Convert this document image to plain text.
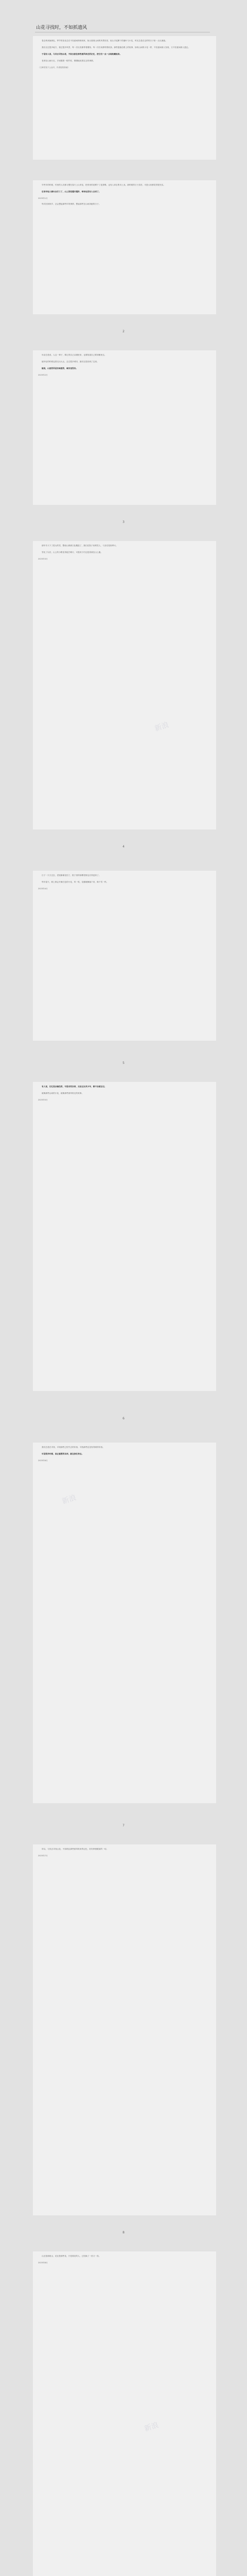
山花寻找时，不如抓遗风

春去秋来换颜色，季节的变化总在不经意间悄悄到来，抬头看看山间的风景依旧，低头寻觅脚下的落叶与小花，时光总是在这样的日子里一点点流逝。

我们走过很多地方，看过很多风景，每一次出发都带着期待，每一次归来都带着收获。那些遗落在路上的故事，如同山间的小花一样，不经意间被人发现，又不经意间被人遗忘。

于是有人说，与其去寻找山花，不如去抓住那些被风吹走的记忆，把它们一点一点地收藏起来。

老者在山间行走，手里握着一根竹杖，慢慢地说着过去的事情。

（文章首发于公众号，作者授权转载）

早些年的时候，村里的人们都习惯在春天上山采花，把采来的花晒干了泡茶喝，也有人拿去集市上卖。那时候的日子清苦，可是大家都觉得很充实。

后来年轻人都出去打工了，山上的花越开越多，却再也没有人去采了。

2023年1月

每次回到家乡，总会想起那些年的事情，想起那些在山间奔跑的日子。

2

母亲总是说，人这一辈子，要记得自己从哪里来，也要知道自己要到哪里去。

她年轻的时候也曾走出大山，去过很多城市，最后还是回到了这里。

她说，山里的风是有味道的，城市里没有。

2023年2月

3

那年冬天下了很大的雪，整座山都被白色覆盖了，我们在院子里堆雪人，父亲在屋里烤火。

雪化了以后，山上的小路变得泥泞难行，可是孩子们还是喜欢往山上跑。

2023年3月

4

日子一天天过去，老屋渐渐变旧了，院子里的那棵老树也长得更高了。

每年春天，树上都会开满白色的小花，风一吹，花瓣就飘落下来，像下雪一样。

2023年4月

5

有人说，记忆是会褪色的，可是有些东西，无论过去多少年，都不会被忘记。

就像那些山间的小花，就像那些被风吹走的故事。

2023年5月

6

我们总是在寻找，寻找那些已经失去的东西，寻找那些还没有得到的东西。

可是很多时候，真正重要的东西，就在我们身边。

2023年6月

7

所以，与其去寻找山花，不如抓住那些被风吹来的记忆，好好珍惜眼前的一切。

2023年7月

8

山还是那座山，花还是那些花，只是看花的人，已经换了一茬又一茬。

2023年8月

新浪
新浪
新浪
